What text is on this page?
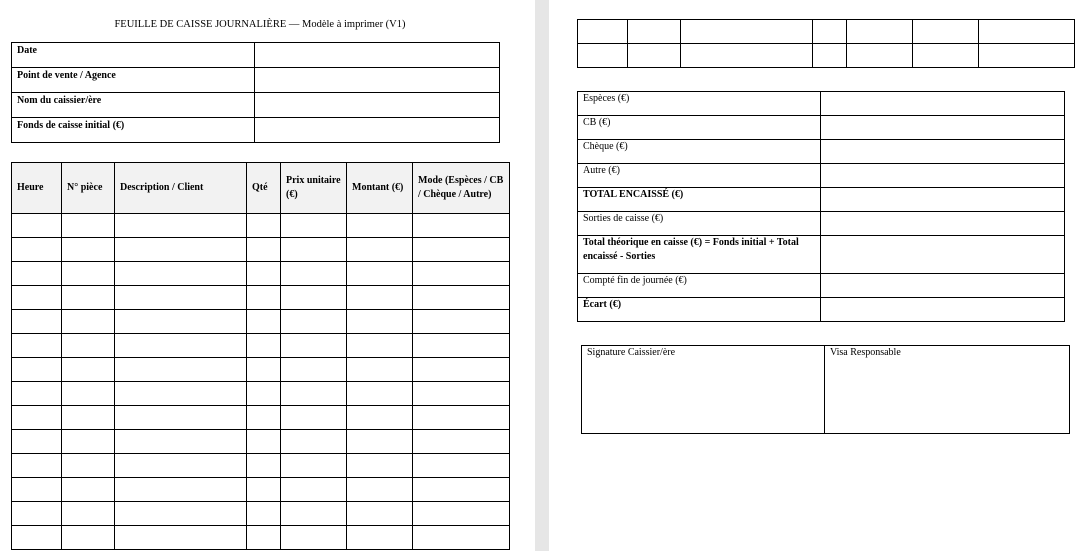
FEUILLE DE CAISSE JOURNALIÈRE — Modèle à imprimer (V1)
Date	
Point de vente / Agence	
Nom du caissier/ère	
Fonds de caisse initial (€)	
Heure	N° pièce	Description / Client	Qté	Prix unitaire (€)	Montant (€)	Mode (Espèces / CB / Chèque / Autre)

Espèces (€)	
CB (€)	
Chèque (€)	
Autre (€)	
TOTAL ENCAISSÉ (€)	
Sorties de caisse (€)	
Total théorique en caisse (€) = Fonds initial + Total encaissé - Sorties	
Compté fin de journée (€)	
Écart (€)	
Signature Caissier/ère	Visa Responsable
